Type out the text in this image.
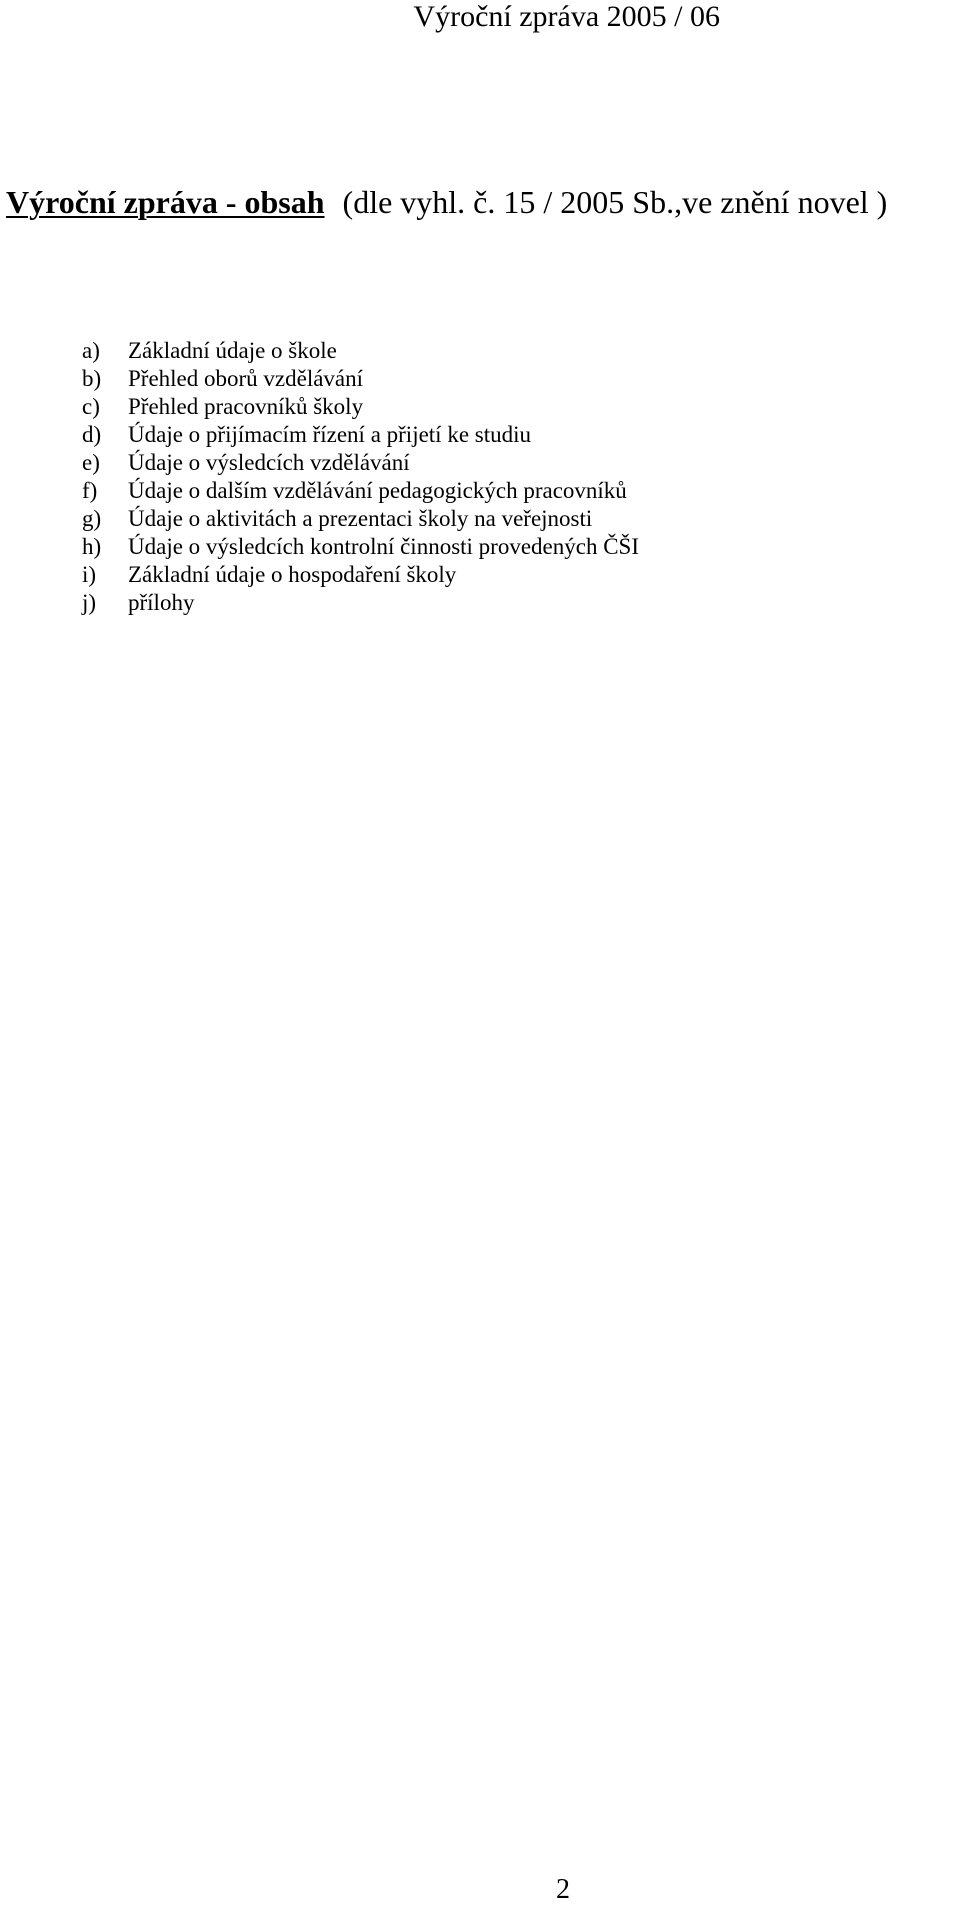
Výroční zpráva 2005 / 06
Výroční zpráva - obsah (dle vyhl. č. 15 / 2005 Sb.,ve znění novel )
a)	Základní údaje o škole
b)	Přehled oborů vzdělávání
c)	Přehled pracovníků školy
d)	Údaje o přijímacím řízení a přijetí ke studiu
e)	Údaje o výsledcích vzdělávání
f)	Údaje o dalším vzdělávání pedagogických pracovníků
g)	Údaje o aktivitách a prezentaci školy na veřejnosti
h)	Údaje o výsledcích kontrolní činnosti provedených ČŠI
i)	Základní údaje o hospodaření školy
j)	přílohy
2
